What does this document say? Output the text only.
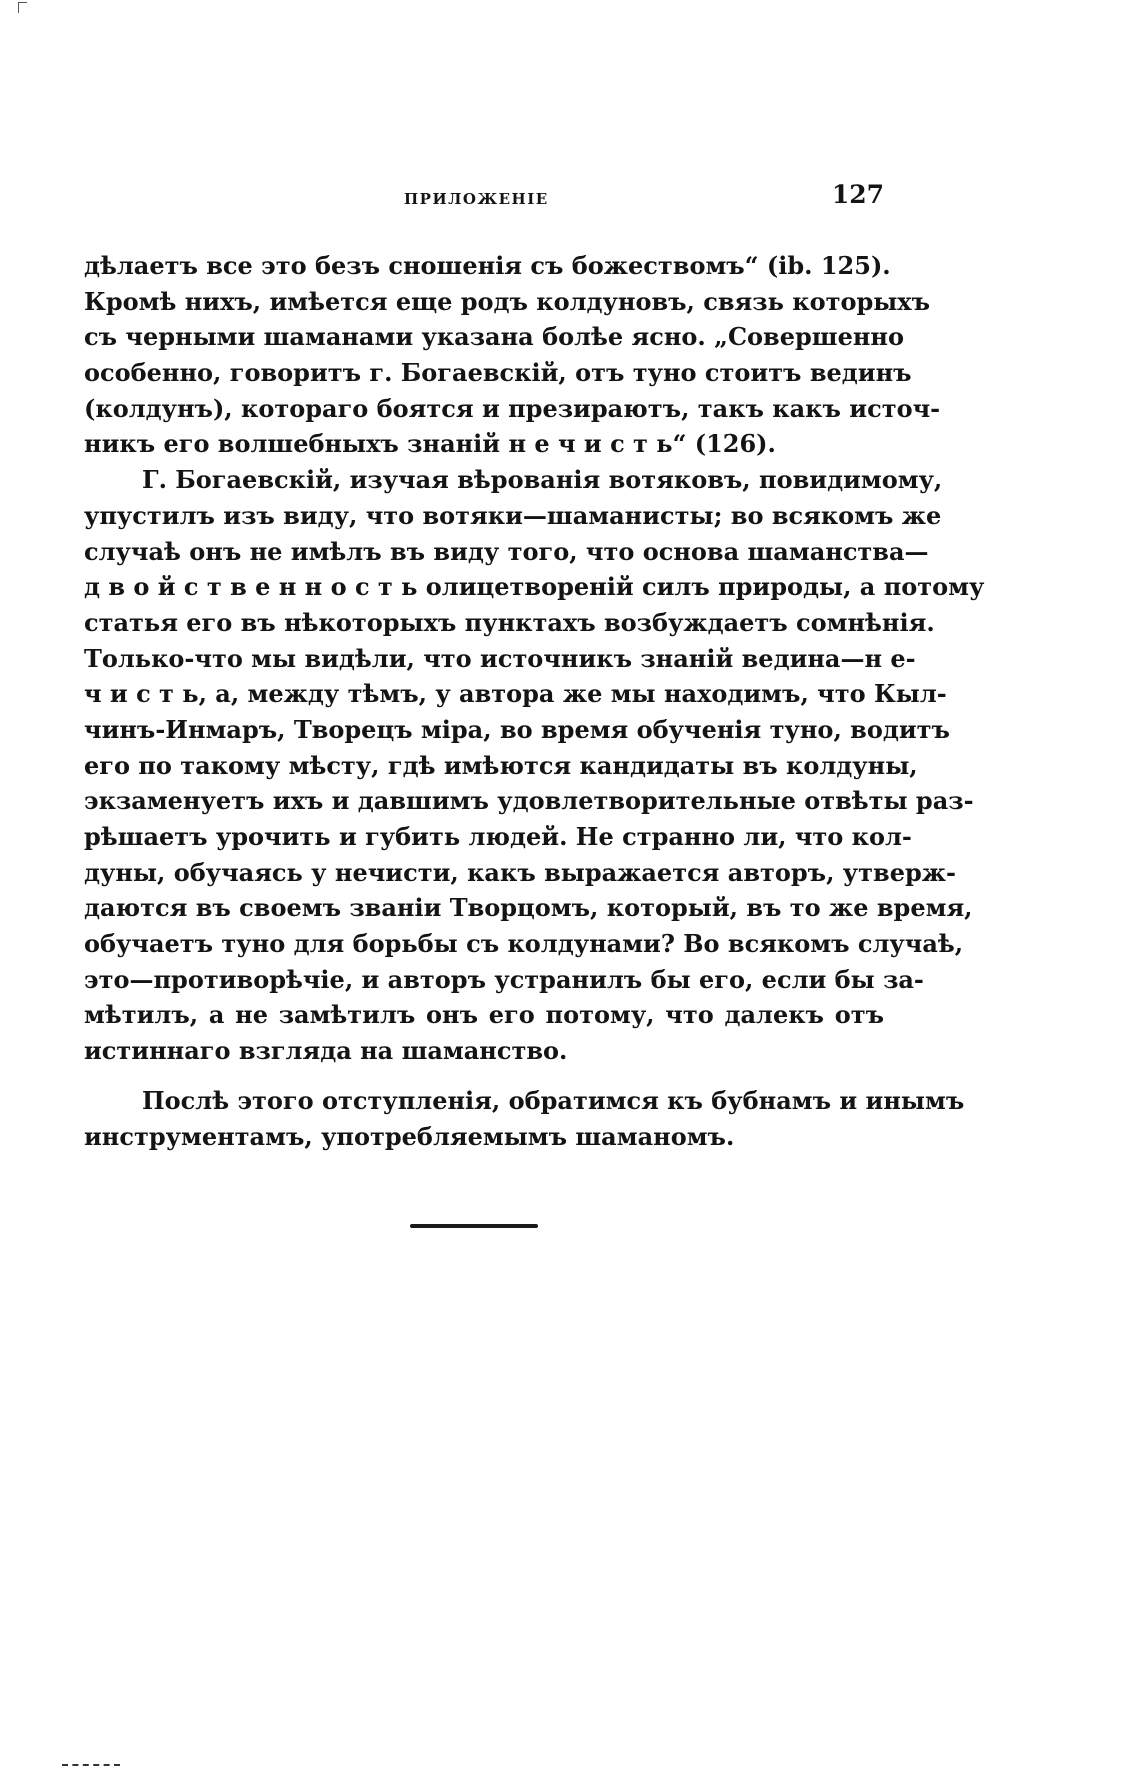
ПРИЛОЖЕНІЕ	127
дѣлаетъ все это безъ сношенія съ божествомъ“ (ib. 125).
Кромѣ нихъ, имѣется еще родъ колдуновъ, связь которыхъ
съ черными шаманами указана болѣе ясно. „Совершенно
особенно, говоритъ г. Богаевскій, отъ туно стоитъ вединъ
(колдунъ), котораго боятся и презираютъ, такъ какъ источ-
никъ его волшебныхъ знаній н е ч и с т ь“ (126).
Г. Богаевскій, изучая вѣрованія вотяковъ, повидимому,
упустилъ изъ виду, что вотяки—шаманисты; во всякомъ же
случаѣ онъ не имѣлъ въ виду того, что основа шаманства—
д в о й с т в е н н о с т ь олицетвореній силъ природы, а потому
статья его въ нѣкоторыхъ пунктахъ возбуждаетъ сомнѣнія.
Только-что мы видѣли, что источникъ знаній ведина—н е-
ч и с т ь, а, между тѣмъ, у автора же мы находимъ, что Кыл-
чинъ-Инмаръ, Творецъ міра, во время обученія туно, водитъ
его по такому мѣсту, гдѣ имѣются кандидаты въ колдуны,
экзаменуетъ ихъ и давшимъ удовлетворительные отвѣты раз-
рѣшаетъ урочить и губить людей. Не странно ли, что кол-
дуны, обучаясь у нечисти, какъ выражается авторъ, утверж-
даются въ своемъ званіи Творцомъ, который, въ то же время,
обучаетъ туно для борьбы съ колдунами? Во всякомъ случаѣ,
это—противорѣчіе, и авторъ устранилъ бы его, если бы за-
мѣтилъ, а не замѣтилъ онъ его потому, что далекъ отъ
истиннаго взгляда на шаманство.
Послѣ этого отступленія, обратимся къ бубнамъ и инымъ
инструментамъ, употребляемымъ шаманомъ.
